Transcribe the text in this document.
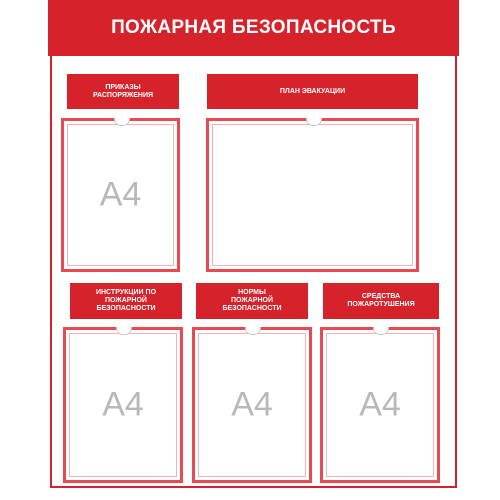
ПОЖАРНАЯ БЕЗОПАСНОСТЬ
ПРИКАЗЫ
РАСПОРЯЖЕНИЯ
А4
ПЛАН ЭВАКУАЦИИ
ИНСТРУКЦИИ ПО
ПОЖАРНОЙ
БЕЗОПАСНОСТИ
А4
НОРМЫ
ПОЖАРНОЙ
БЕЗОПАСНОСТИ
А4
СРЕДСТВА
ПОЖАРОТУШЕНИЯ
А4
